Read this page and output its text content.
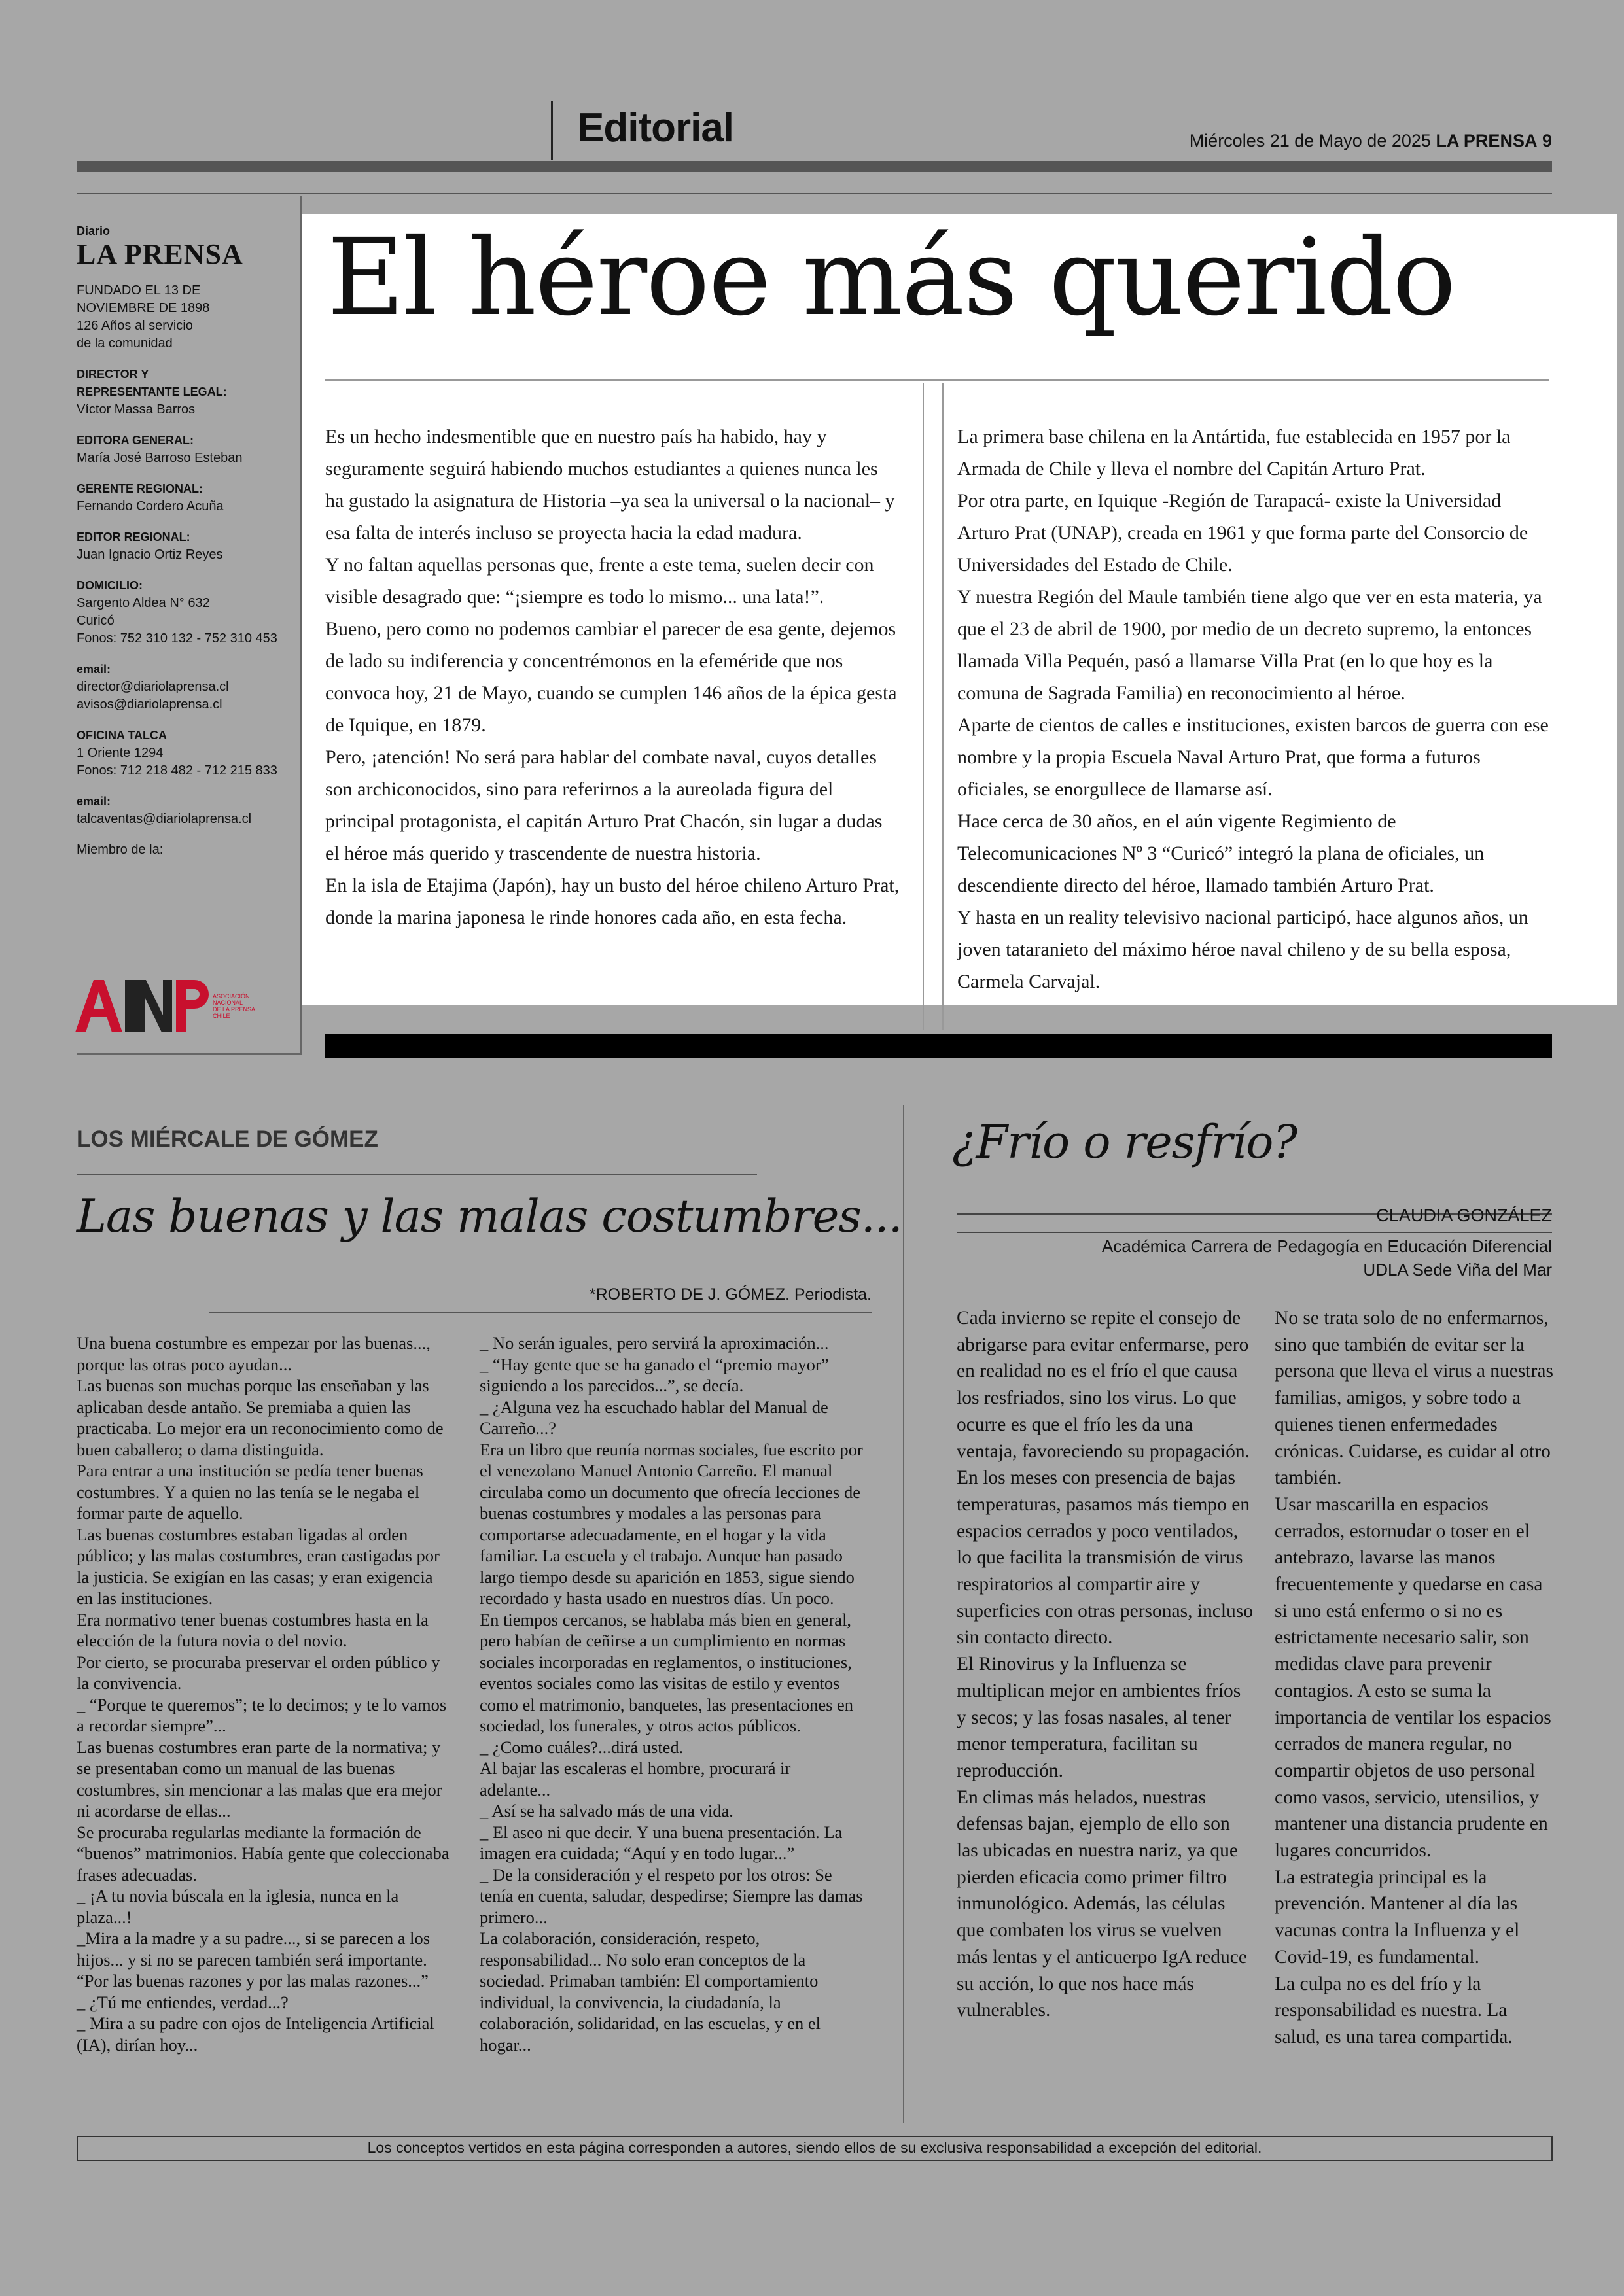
Editorial	Miércoles 21 de Mayo de 2025 LA PRENSA 9
Diario
LA PRENSA
FUNDADO EL 13 DE
NOVIEMBRE DE 1898
126 Años al servicio
de la comunidad
DIRECTOR Y
REPRESENTANTE LEGAL:
Víctor Massa Barros
EDITORA GENERAL:
María José Barroso Esteban
GERENTE REGIONAL:
Fernando Cordero Acuña
EDITOR REGIONAL:
Juan Ignacio Ortiz Reyes
DOMICILIO:
Sargento Aldea N° 632
Curicó
Fonos: 752 310 132 - 752 310 453
email:
director@diariolaprensa.cl
avisos@diariolaprensa.cl
OFICINA TALCA
1 Oriente 1294
Fonos: 712 218 482 - 712 215 833
email:
talcaventas@diariolaprensa.cl
Miembro de la:
ASOCIACIÓN
NACIONAL
DE LA PRENSA
CHILE
El héroe más querido

Es un hecho indesmentible que en nuestro país ha habido, hay y seguramente seguirá habiendo muchos estudiantes a quienes nunca les ha gustado la asignatura de Historia –ya sea la universal o la nacional– y esa falta de interés incluso se proyecta hacia la edad madura.

Y no faltan aquellas personas que, frente a este tema, suelen decir con visible desagrado que: “¡siempre es todo lo mismo... una lata!”.

Bueno, pero como no podemos cambiar el parecer de esa gente, dejemos de lado su indiferencia y concentrémonos en la efeméride que nos convoca hoy, 21 de Mayo, cuando se cumplen 146 años de la épica gesta de Iquique, en 1879.

Pero, ¡atención! No será para hablar del combate naval, cuyos detalles son archiconocidos, sino para referirnos a la aureolada figura del principal protagonista, el capitán Arturo Prat Chacón, sin lugar a dudas el héroe más querido y trascendente de nuestra historia.

En la isla de Etajima (Japón), hay un busto del héroe chileno Arturo Prat, donde la marina japonesa le rinde honores cada año, en esta fecha.

La primera base chilena en la Antártida, fue establecida en 1957 por la Armada de Chile y lleva el nombre del Capitán Arturo Prat.

Por otra parte, en Iquique -Región de Tarapacá- existe la Universidad Arturo Prat (UNAP), creada en 1961 y que forma parte del Consorcio de Universidades del Estado de Chile.

Y nuestra Región del Maule también tiene algo que ver en esta materia, ya que el 23 de abril de 1900, por medio de un decreto supremo, la entonces llamada Villa Pequén, pasó a llamarse Villa Prat (en lo que hoy es la comuna de Sagrada Familia) en reconocimiento al héroe.

Aparte de cientos de calles e instituciones, existen barcos de guerra con ese nombre y la propia Escuela Naval Arturo Prat, que forma a futuros oficiales, se enorgullece de llamarse así.

Hace cerca de 30 años, en el aún vigente Regimiento de Telecomunicaciones Nº 3 “Curicó” integró la plana de oficiales, un descendiente directo del héroe, llamado también Arturo Prat.

Y hasta en un reality televisivo nacional participó, hace algunos años, un joven tataranieto del máximo héroe naval chileno y de su bella esposa, Carmela Carvajal.

LOS MIÉRCALE DE GÓMEZ
Las buenas y las malas costumbres...
*ROBERTO DE J. GÓMEZ. Periodista.

Una buena costumbre es empezar por las buenas..., porque las otras poco ayudan...

Las buenas son muchas porque las enseñaban y las aplicaban desde antaño. Se premiaba a quien las practicaba. Lo mejor era un reconocimiento como de buen caballero; o dama distinguida.

Para entrar a una institución se pedía tener buenas costumbres. Y a quien no las tenía se le negaba el formar parte de aquello.

Las buenas costumbres estaban ligadas al orden público; y las malas costumbres, eran castigadas por la justicia. Se exigían en las casas; y eran exigencia en las instituciones.

Era normativo tener buenas costumbres hasta en la elección de la futura novia o del novio.

Por cierto, se procuraba preservar el orden público y la convivencia.

_ “Porque te queremos”; te lo decimos; y te lo vamos a recordar siempre”...

Las buenas costumbres eran parte de la normativa; y se presentaban como un manual de las buenas costumbres, sin mencionar a las malas que era mejor ni acordarse de ellas...

Se procuraba regularlas mediante la formación de “buenos” matrimonios. Había gente que coleccionaba frases adecuadas.

_ ¡A tu novia búscala en la iglesia, nunca en la plaza...!

_Mira a la madre y a su padre..., si se parecen a los hijos... y si no se parecen también será importante. “Por las buenas razones y por las malas razones...”

_ ¿Tú me entiendes, verdad...?

_ Mira a su padre con ojos de Inteligencia Artificial (IA), dirían hoy...

_ No serán iguales, pero servirá la aproximación...

_ “Hay gente que se ha ganado el “premio mayor” siguiendo a los parecidos...”, se decía.

_ ¿Alguna vez ha escuchado hablar del Manual de Carreño...?

Era un libro que reunía normas sociales, fue escrito por el venezolano Manuel Antonio Carreño. El manual circulaba como un documento que ofrecía lecciones de buenas costumbres y modales a las personas para comportarse adecuadamente, en el hogar y la vida familiar. La escuela y el trabajo. Aunque han pasado largo tiempo desde su aparición en 1853, sigue siendo recordado y hasta usado en nuestros días. Un poco.

En tiempos cercanos, se hablaba más bien en general, pero habían de ceñirse a un cumplimiento en normas sociales incorporadas en reglamentos, o instituciones, eventos sociales como las visitas de estilo y eventos como el matrimonio, banquetes, las presentaciones en sociedad, los funerales, y otros actos públicos.

_ ¿Como cuáles?...dirá usted.

Al bajar las escaleras el hombre, procurará ir adelante...

_ Así se ha salvado más de una vida.

_ El aseo ni que decir. Y una buena presentación. La imagen era cuidada; “Aquí y en todo lugar...”

_ De la consideración y el respeto por los otros: Se tenía en cuenta, saludar, despedirse; Siempre las damas primero...

La colaboración, consideración, respeto, responsabilidad... No solo eran conceptos de la sociedad. Primaban también: El comportamiento individual, la convivencia, la ciudadanía, la colaboración, solidaridad, en las escuelas, y en el hogar...

¿Frío o resfrío?
CLAUDIA GONZÁLEZ
Académica Carrera de Pedagogía en Educación Diferencial
UDLA Sede Viña del Mar

Cada invierno se repite el consejo de abrigarse para evitar enfermarse, pero en realidad no es el frío el que causa los resfriados, sino los virus. Lo que ocurre es que el frío les da una ventaja, favoreciendo su propagación.

En los meses con presencia de bajas temperaturas, pasamos más tiempo en espacios cerrados y poco ventilados, lo que facilita la transmisión de virus respiratorios al compartir aire y superficies con otras personas, incluso sin contacto directo.

El Rinovirus y la Influenza se multiplican mejor en ambientes fríos y secos; y las fosas nasales, al tener menor temperatura, facilitan su reproducción.

En climas más helados, nuestras defensas bajan, ejemplo de ello son las ubicadas en nuestra nariz, ya que pierden eficacia como primer filtro inmunológico. Además, las células que combaten los virus se vuelven más lentas y el anticuerpo IgA reduce su acción, lo que nos hace más vulnerables.

No se trata solo de no enfermarnos, sino que también de evitar ser la persona que lleva el virus a nuestras familias, amigos, y sobre todo a quienes tienen enfermedades crónicas. Cuidarse, es cuidar al otro también.

Usar mascarilla en espacios cerrados, estornudar o toser en el antebrazo, lavarse las manos frecuentemente y quedarse en casa si uno está enfermo o si no es estrictamente necesario salir, son medidas clave para prevenir contagios. A esto se suma la importancia de ventilar los espacios cerrados de manera regular, no compartir objetos de uso personal como vasos, servicio, utensilios, y mantener una distancia prudente en lugares concurridos.

La estrategia principal es la prevención. Mantener al día las vacunas contra la Influenza y el Covid-19, es fundamental.

La culpa no es del frío y la responsabilidad es nuestra. La salud, es una tarea compartida.

Los conceptos vertidos en esta página corresponden a autores, siendo ellos de su exclusiva responsabilidad a excepción del editorial.
